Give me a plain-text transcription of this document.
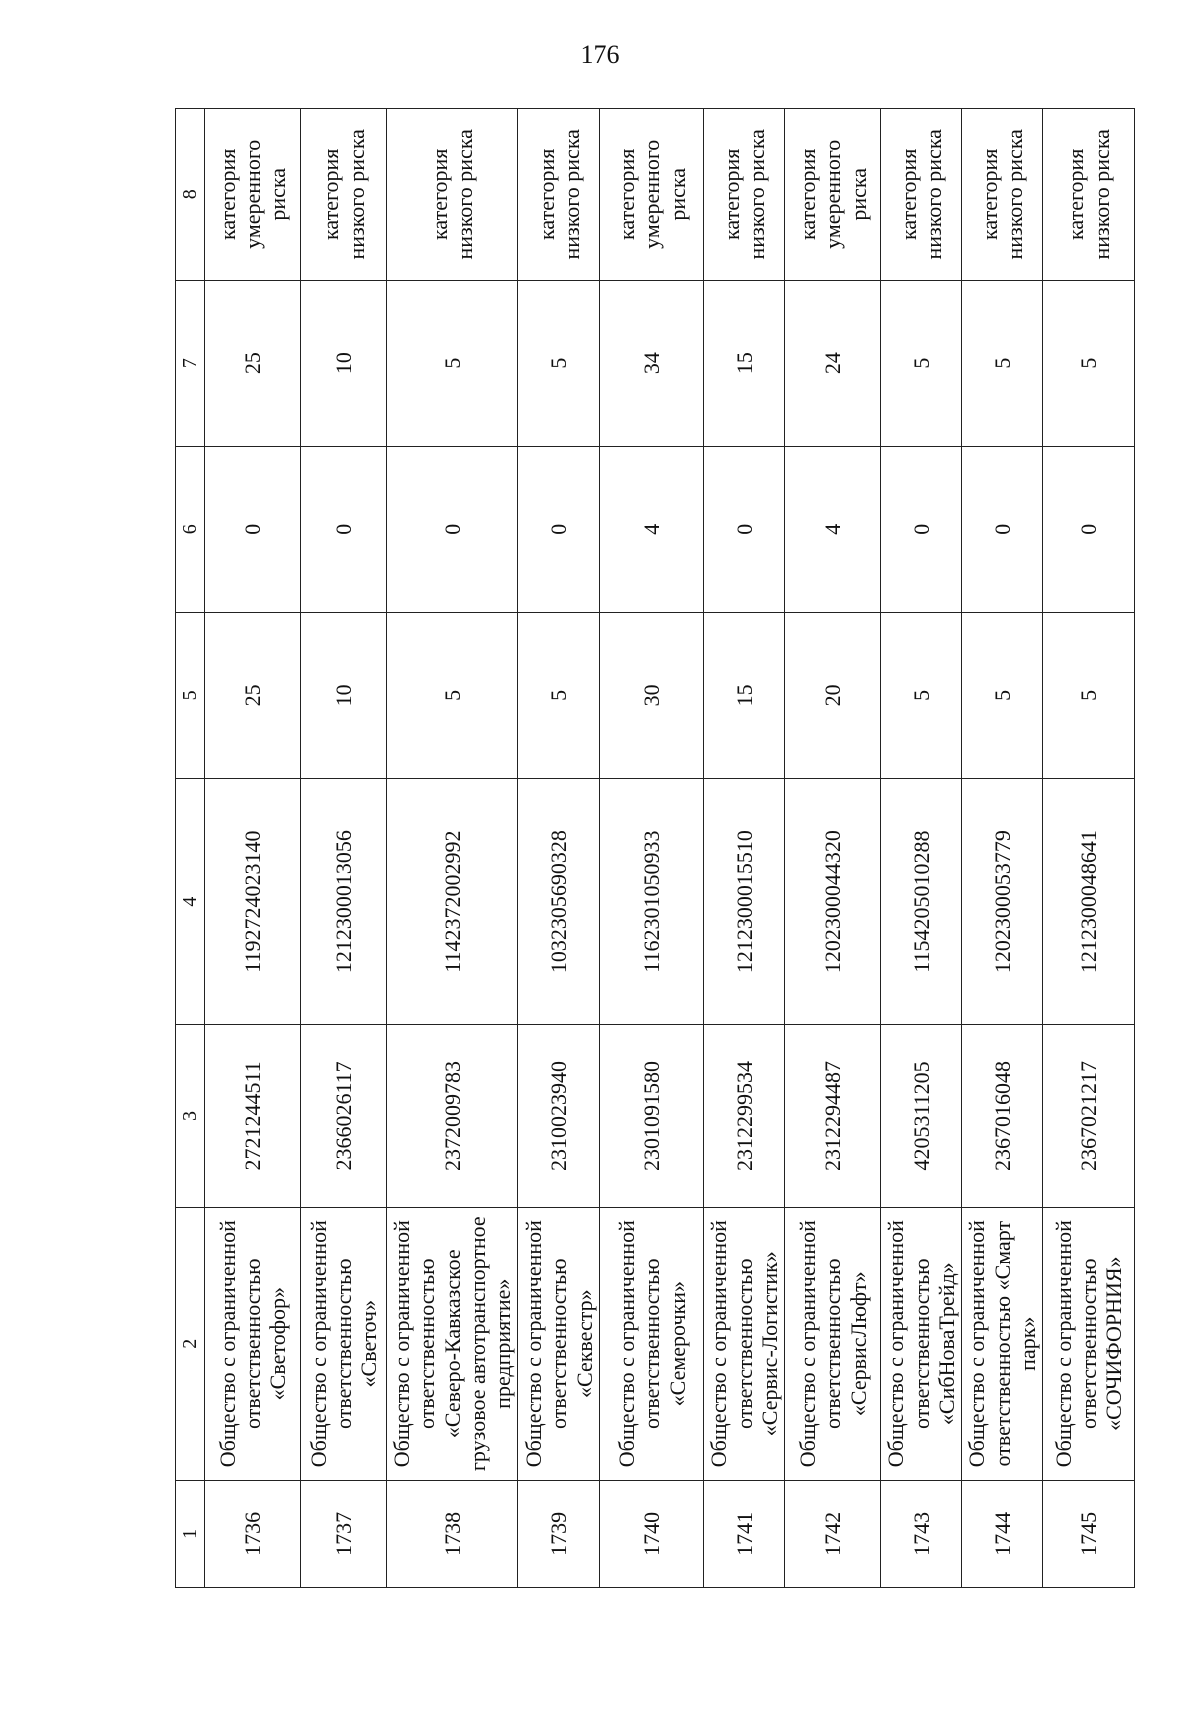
176
1	2	3	4	5	6	7	8
1736	Общество с ограниченной ответственностью «Светофор»	2721244511	1192724023140	25	0	25	категория умеренного риска
1737	Общество с ограниченной ответственностью «Светоч»	2366026117	1212300013056	10	0	10	категория низкого риска
1738	Общество с ограниченной ответственностью «Северо-Кавказское грузовое автотранспортное предприятие»	2372009783	1142372002992	5	0	5	категория низкого риска
1739	Общество с ограниченной ответственностью «Секвестр»	2310023940	1032305690328	5	0	5	категория низкого риска
1740	Общество с ограниченной ответственностью «Семерочки»	2301091580	1162301050933	30	4	34	категория умеренного риска
1741	Общество с ограниченной ответственностью «Сервис-Логистик»	2312299534	1212300015510	15	0	15	категория низкого риска
1742	Общество с ограниченной ответственностью «СервисЛюфт»	2312294487	1202300044320	20	4	24	категория умеренного риска
1743	Общество с ограниченной ответственностью «СибНоваТрейд»	4205311205	1154205010288	5	0	5	категория низкого риска
1744	Общество с ограниченной ответственностью «Смарт парк»	2367016048	1202300053779	5	0	5	категория низкого риска
1745	Общество с ограниченной ответственностью «СОЧИФОРНИЯ»	2367021217	1212300048641	5	0	5	категория низкого риска
